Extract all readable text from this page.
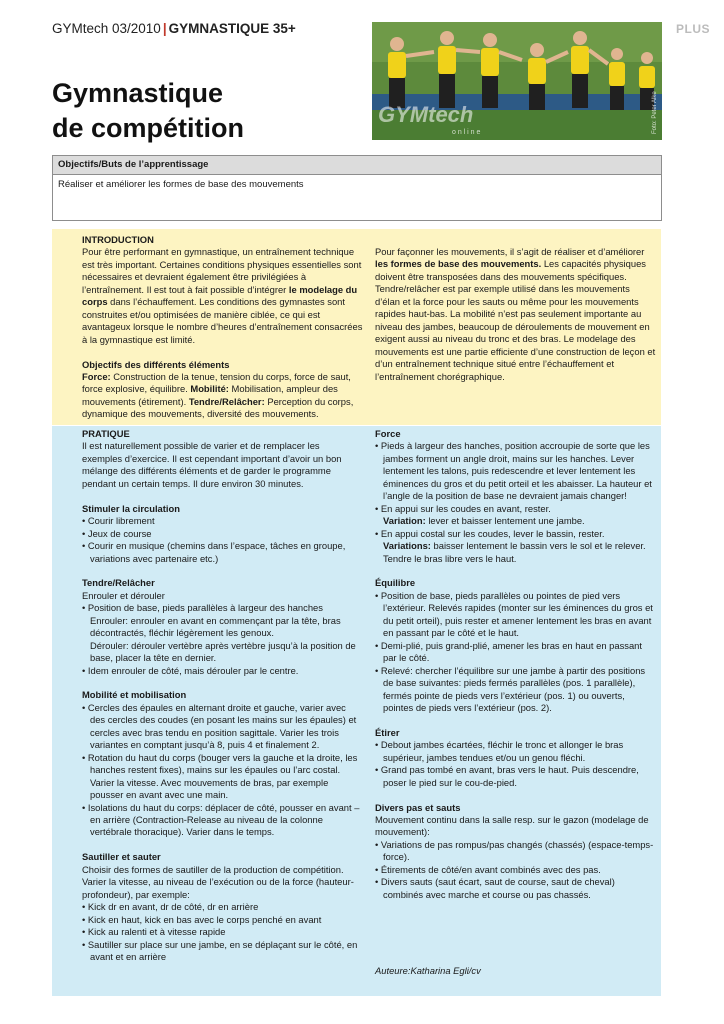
GYMtech 03/2010 | GYMNASTIQUE 35+	PLUS
Gymnastique
de compétition	GYMtech
o n l i n e	Foto: Peter Alke
Objectifs/Buts de l’apprentissage
Réaliser et améliorer les formes de base des mouvements

INTRODUCTION

Pour être performant en gymnastique, un entraînement technique est très important. Certaines conditions physiques essentielles sont nécessaires et devraient également être privilégiées à l’entraînement. Il est tout à fait possible d’intégrer le modelage du corps dans l’échauffement. Les conditions des gymnastes sont construites et/ou optimisées de manière ciblée, ce qui est avantageux lorsque le nombre d’heures d’entraînement consacrées à la gymnastique est limité.

Objectifs des différents éléments

Force: Construction de la tenue, tension du corps, force de saut, force explosive, équilibre. Mobilité: Mobilisation, ampleur des mouvements (étirement). Tendre/Relâcher: Perception du corps, dynamique des mouvements, diversité des mouvements.

Pour façonner les mouvements, il s’agit de réaliser et d’améliorer les formes de base des mouvements. Les capacités physiques doivent être transposées dans des mouvements spécifiques. Tendre/relâcher est par exemple utilisé dans les mouvements d’élan et la force pour les sauts ou même pour les mouvements rapides haut-bas. La mobilité n’est pas seulement importante au niveau des jambes, beaucoup de déroulements de mouvement en exigent aussi au niveau du tronc et des bras. Le modelage des mouvements est une partie efficiente d’une construction de leçon et d’un entraînement technique situé entre l’échauffement et l’entraînement chorégraphique.

PRATIQUE

Il est naturellement possible de varier et de remplacer les exemples d’exercice. Il est cependant important d’avoir un bon mélange des différents éléments et de garder le programme pendant un certain temps. Il dure environ 30 minutes.

Stimuler la circulation

• Courir librement

• Jeux de course

• Courir en musique (chemins dans l’espace, tâches en groupe, variations avec partenaire etc.)

Tendre/Relâcher

Enrouler et dérouler

• Position de base, pieds parallèles à largeur des hanches

Enrouler: enrouler en avant en commençant par la tête, bras décontractés, fléchir légèrement les genoux.

Dérouler: dérouler vertèbre après vertèbre jusqu’à la position de base, placer la tête en dernier.

• Idem enrouler de côté, mais dérouler par le centre.

Mobilité et mobilisation

• Cercles des épaules en alternant droite et gauche, varier avec des cercles des coudes (en posant les mains sur les épaules) et cercles avec bras tendu en position sagittale. Varier les trois variantes en comptant jusqu’à 8, puis 4 et finalement 2.

• Rotation du haut du corps (bouger vers la gauche et la droite, les hanches restent fixes), mains sur les épaules ou l’arc costal. Varier la vitesse. Avec mouvements de bras, par exemple pousser en avant avec une main.

• Isolations du haut du corps: déplacer de côté, pousser en avant – en arrière (Contraction-Release au niveau de la colonne vertébrale thoracique). Varier dans le temps.

Sautiller et sauter

Choisir des formes de sautiller de la production de compétition. Varier la vitesse, au niveau de l’exécution ou de la force (hauteur-profondeur), par exemple:

• Kick dr en avant, dr de côté, dr en arrière

• Kick en haut, kick en bas avec le corps penché en avant

• Kick au ralenti et à vitesse rapide

• Sautiller sur place sur une jambe, en se déplaçant sur le côté, en avant et en arrière

Force

• Pieds à largeur des hanches, position accroupie de sorte que les jambes forment un angle droit, mains sur les hanches. Lever lentement les talons, puis redescendre et lever lentement les éminences du gros et du petit orteil et les abaisser. La hauteur et l’angle de la position de base ne devraient jamais changer!

• En appui sur les coudes en avant, rester.

Variation: lever et baisser lentement une jambe.

• En appui costal sur les coudes, lever le bassin, rester.

Variations: baisser lentement le bassin vers le sol et le relever. Tendre le bras libre vers le haut.

Équilibre

• Position de base, pieds parallèles ou pointes de pied vers l’extérieur. Relevés rapides (monter sur les éminences du gros et du petit orteil), puis rester et amener lentement les bras en avant en passant par le côté et le haut.

• Demi-plié, puis grand-plié, amener les bras en haut en passant par le côté.

• Relevé: chercher l’équilibre sur une jambe à partir des positions de base suivantes: pieds fermés parallèles (pos. 1 parallèle), fermés pointe de pieds vers l’extérieur (pos. 1) ou ouverts, pointes de pieds vers l’extérieur (pos. 2).

Étirer

• Debout jambes écartées, fléchir le tronc et allonger le bras supérieur, jambes tendues et/ou un genou fléchi.

• Grand pas tombé en avant, bras vers le haut. Puis descendre, poser le pied sur le cou-de-pied.

Divers pas et sauts

Mouvement continu dans la salle resp. sur le gazon (modelage de mouvement):

• Variations de pas rompus/pas changés (chassés) (espace-temps-force).

• Étirements de côté/en avant combinés avec des pas.

• Divers sauts (saut écart, saut de course, saut de cheval) combinés avec marche et course ou pas chassés.

Auteure:Katharina Egli/cv
